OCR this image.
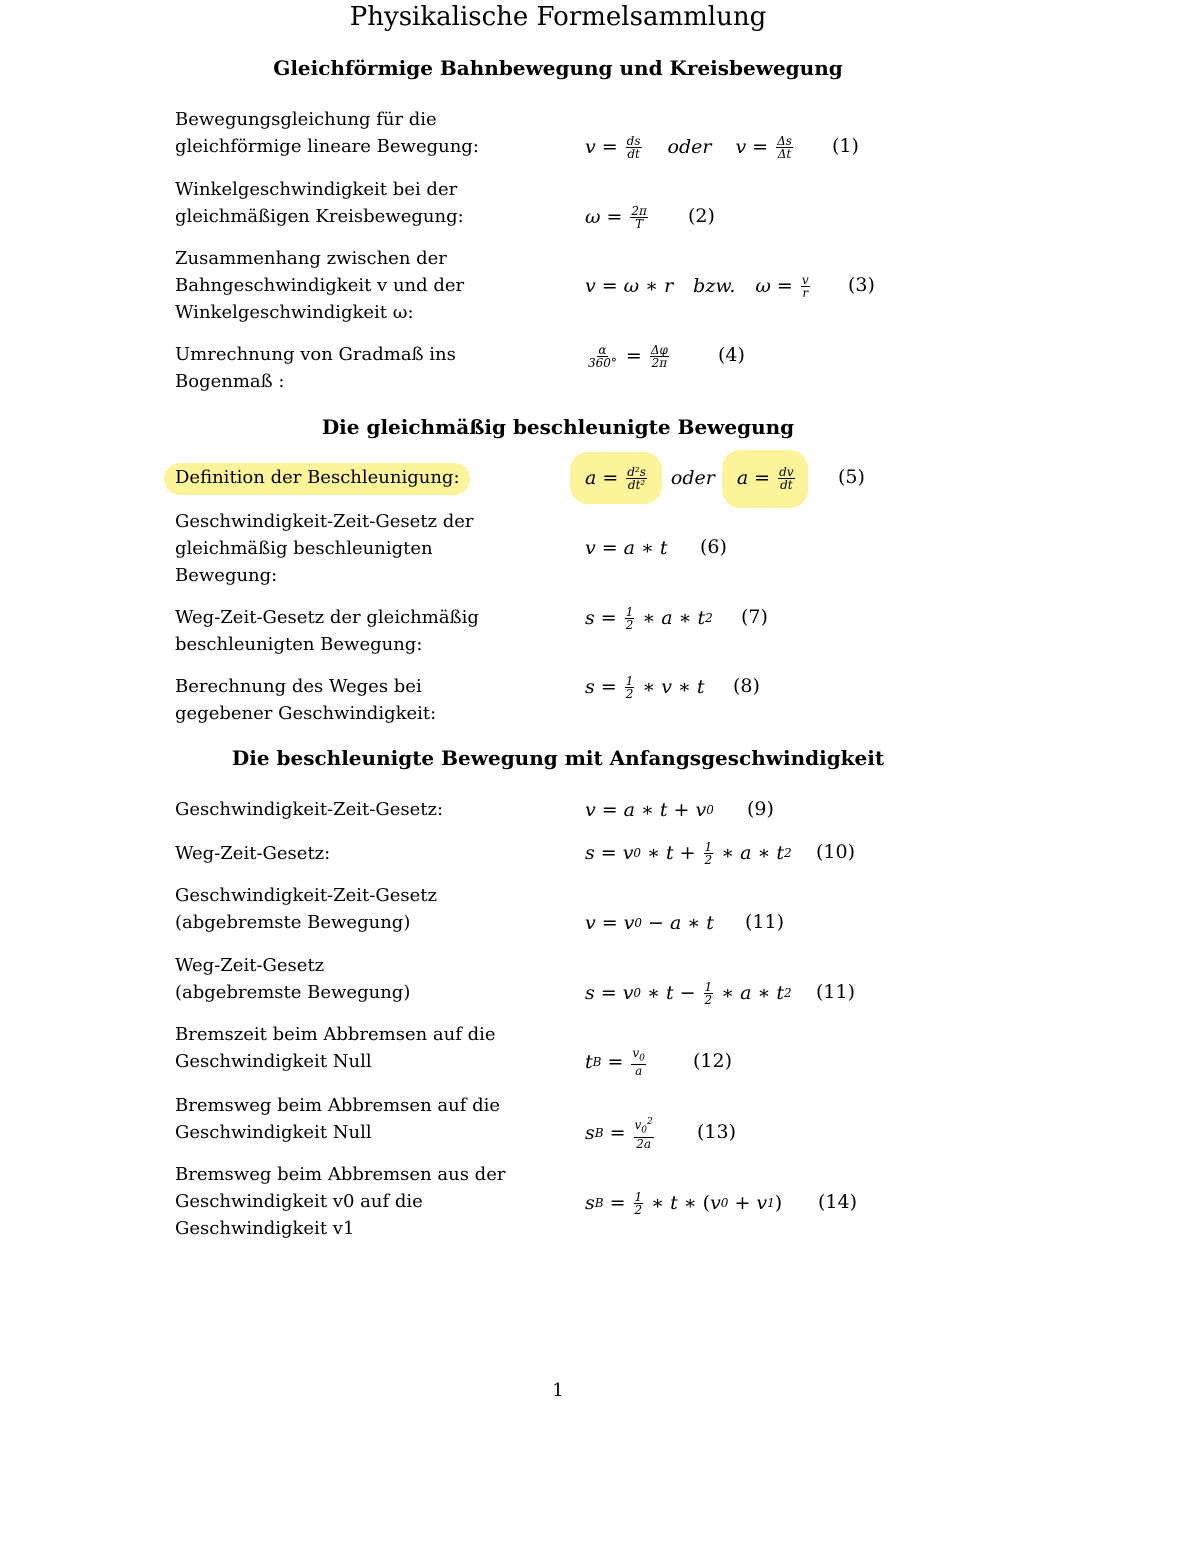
Physikalische Formelsammlung
Gleichförmige Bahnbewegung und Kreisbewegung
Die gleichmäßig beschleunigte Bewegung
Die beschleunigte Bewegung mit Anfangsgeschwindigkeit
Bewegungsgleichung für die
gleichförmige lineare Bewegung:
Winkelgeschwindigkeit bei der
gleichmäßigen Kreisbewegung:
Zusammenhang zwischen der
Bahngeschwindigkeit v und der
Winkelgeschwindigkeit ω:
Umrechnung von Gradmaß ins
Bogenmaß :
Definition der Beschleunigung:
Geschwindigkeit-Zeit-Gesetz der
gleichmäßig beschleunigten
Bewegung:
Weg-Zeit-Gesetz der gleichmäßig
beschleunigten Bewegung:
Berechnung des Weges bei
gegebener Geschwindigkeit:
Geschwindigkeit-Zeit-Gesetz:
Weg-Zeit-Gesetz:
Geschwindigkeit-Zeit-Gesetz
(abgebremste Bewegung)
Weg-Zeit-Gesetz
(abgebremste Bewegung)
Bremszeit beim Abbremsen auf die
Geschwindigkeit Null
Bremsweg beim Abbremsen auf die
Geschwindigkeit Null
Bremsweg beim Abbremsen aus der
Geschwindigkeit v0 auf die
Geschwindigkeit v1
$v = \frac{ds}{dt}$ oder $v = \frac{\Delta s}{\Delta t} (1)$
$\omega = \frac{2\pi}{T} (2)$
v = ω ∗ r bzw. $\omega = \frac{v}{r} (3)$
$\frac{\alpha}{360^\circ} = \frac{\Delta\varphi}{2\pi}$	(4)
$a = \frac{\text{d²s}}{\text{dt²}}$ oder $a = \frac{dv}{dt} (5)$
v = a ∗ t (6)
$s = \frac{1}{2}$ ∗ a ∗ t 2 (7)
$s = \frac{1}{2}$ ∗ v ∗ t (8)
v = a ∗ t + v 0 (9)
s = v 0 ∗ $t + \frac{1}{2}$ ∗ a ∗ t 2 (10)
v = v 0 − a ∗ t (11)
s = v 0 ∗ $t - \frac{1}{2}$ ∗ a ∗ t 2 (11)
t $B = \frac{v_0}{a} (12)$
s $B = \frac{v_0^2}{2a} (13)$
s $B = \frac{1}{2}$ ∗ t ∗ ( v 0 + v 1 ) (14)
1
